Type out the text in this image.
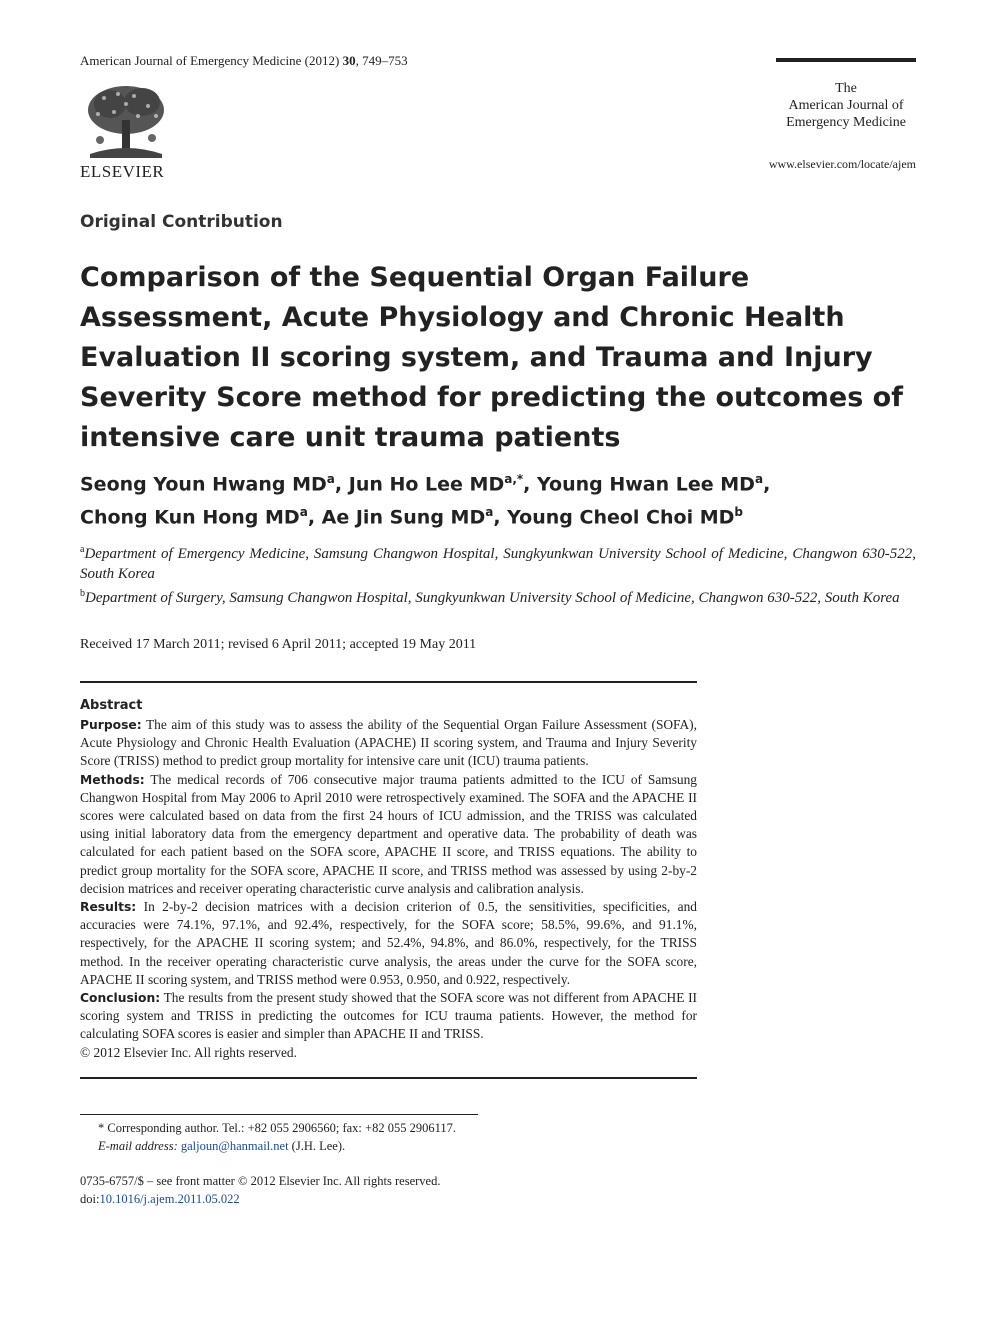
American Journal of Emergency Medicine (2012) 30, 749–753
ELSEVIER
The
American Journal of
Emergency Medicine
www.elsevier.com/locate/ajem
Original Contribution
Comparison of the Sequential Organ Failure Assessment, Acute Physiology and Chronic Health Evaluation II scoring system, and Trauma and Injury Severity Score method for predicting the outcomes of intensive care unit trauma patients
Seong Youn Hwang $MD^a$, Jun Ho Lee $MD^{a,*}$, Young Hwan Lee $MD^a$,
Chong Kun Hong $MD^a$, Ae Jin Sung $MD^a$, Young Cheol Choi $MD^b$

$^a$Department of Emergency Medicine, Samsung Changwon Hospital, Sungkyunkwan University School of Medicine, Changwon 630-522, South Korea

$^b$Department of Surgery, Samsung Changwon Hospital, Sungkyunkwan University School of Medicine, Changwon 630-522, South Korea

Received 17 March 2011; revised 6 April 2011; accepted 19 May 2011
Abstract

Purpose: The aim of this study was to assess the ability of the Sequential Organ Failure Assessment (SOFA), Acute Physiology and Chronic Health Evaluation (APACHE) II scoring system, and Trauma and Injury Severity Score (TRISS) method to predict group mortality for intensive care unit (ICU) trauma patients.

Methods: The medical records of 706 consecutive major trauma patients admitted to the ICU of Samsung Changwon Hospital from May 2006 to April 2010 were retrospectively examined. The SOFA and the APACHE II scores were calculated based on data from the first 24 hours of ICU admission, and the TRISS was calculated using initial laboratory data from the emergency department and operative data. The probability of death was calculated for each patient based on the SOFA score, APACHE II score, and TRISS equations. The ability to predict group mortality for the SOFA score, APACHE II score, and TRISS method was assessed by using 2-by-2 decision matrices and receiver operating characteristic curve analysis and calibration analysis.

Results: In 2-by-2 decision matrices with a decision criterion of 0.5, the sensitivities, specificities, and accuracies were 74.1%, 97.1%, and 92.4%, respectively, for the SOFA score; 58.5%, 99.6%, and 91.1%, respectively, for the APACHE II scoring system; and 52.4%, 94.8%, and 86.0%, respectively, for the TRISS method. In the receiver operating characteristic curve analysis, the areas under the curve for the SOFA score, APACHE II scoring system, and TRISS method were 0.953, 0.950, and 0.922, respectively.

Conclusion: The results from the present study showed that the SOFA score was not different from APACHE II scoring system and TRISS in predicting the outcomes for ICU trauma patients. However, the method for calculating SOFA scores is easier and simpler than APACHE II and TRISS.

© 2012 Elsevier Inc. All rights reserved.

* Corresponding author. Tel.: +82 055 2906560; fax: +82 055 2906117.

E-mail address: galjoun@hanmail.net (J.H. Lee).

0735-6757/$ – see front matter © 2012 Elsevier Inc. All rights reserved.

doi:10.1016/j.ajem.2011.05.022
